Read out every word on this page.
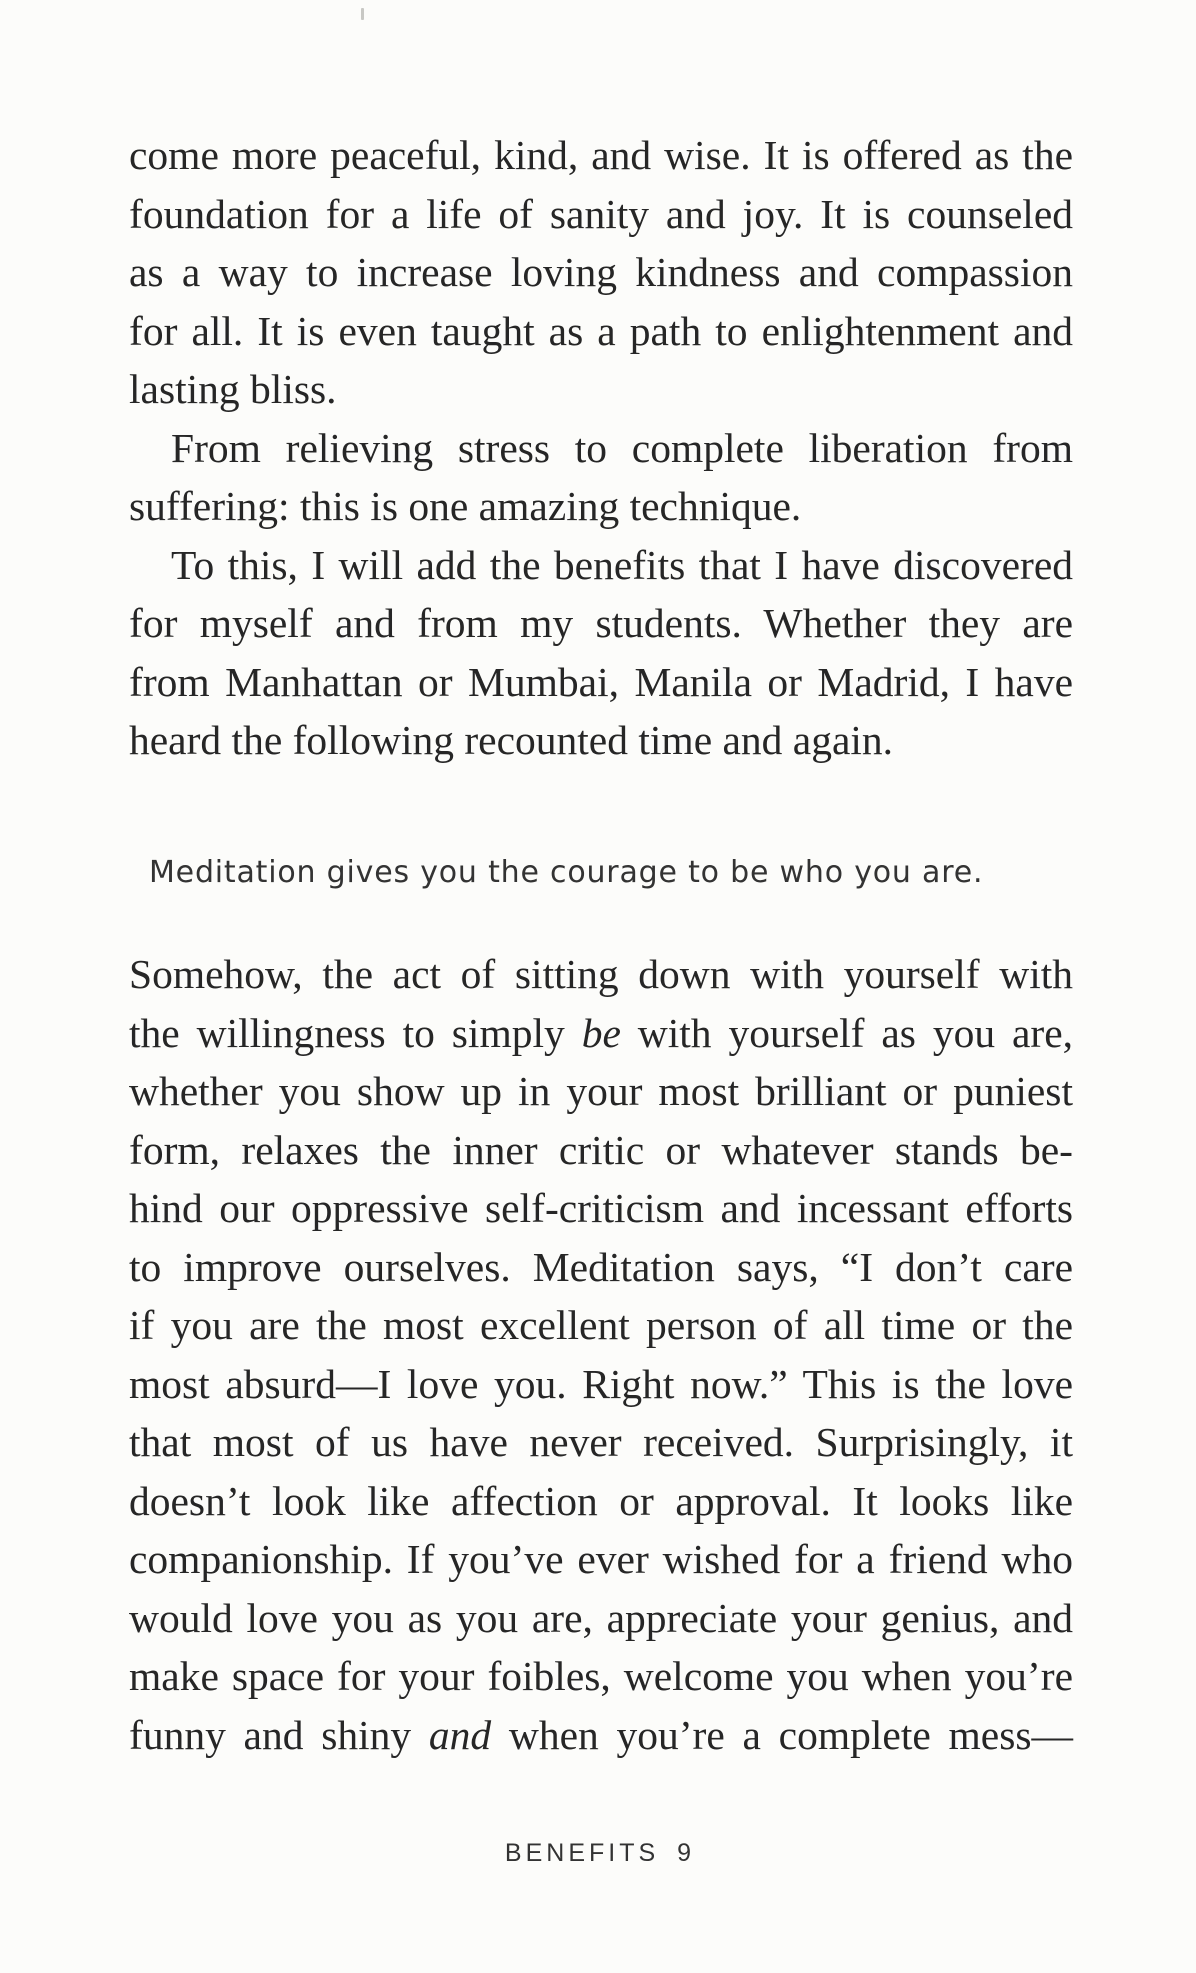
come more peaceful, kind, and wise. It is offered as the
foundation for a life of sanity and joy. It is counseled
as a way to increase loving kindness and compassion
for all. It is even taught as a path to enlightenment and
lasting bliss.
From relieving stress to complete liberation from
suffering: this is one amazing technique.
To this, I will add the benefits that I have discovered
for myself and from my students. Whether they are
from Manhattan or Mumbai, Manila or Madrid, I have
heard the following recounted time and again.
Meditation gives you the courage to be who you are.
Somehow, the act of sitting down with yourself with
the willingness to simply be with yourself as you are,
whether you show up in your most brilliant or puniest
form, relaxes the inner critic or whatever stands be-
hind our oppressive self-criticism and incessant efforts
to improve ourselves. Meditation says, “I don’t care
if you are the most excellent person of all time or the
most absurd—I love you. Right now.” This is the love
that most of us have never received. Surprisingly, it
doesn’t look like affection or approval. It looks like
companionship. If you’ve ever wished for a friend who
would love you as you are, appreciate your genius, and
make space for your foibles, welcome you when you’re
funny and shiny and when you’re a complete mess—
BENEFITS 9
